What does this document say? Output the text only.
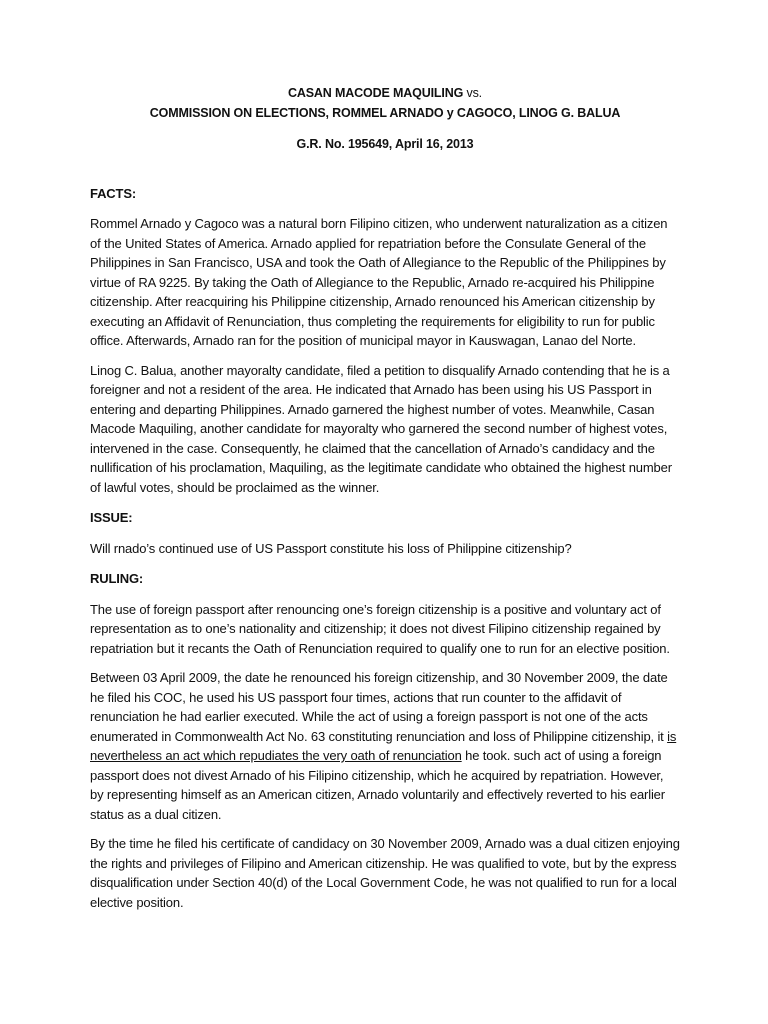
CASAN MACODE MAQUILING vs.

COMMISSION ON ELECTIONS, ROMMEL ARNADO y CAGOCO, LINOG G. BALUA

G.R. No. 195649, April 16, 2013

FACTS:

Rommel Arnado y Cagoco was a natural born Filipino citizen, who underwent naturalization as a citizen of the United States of America. Arnado applied for repatriation before the Consulate General of the Philippines in San Francisco, USA and took the Oath of Allegiance to the Republic of the Philippines by virtue of RA 9225. By taking the Oath of Allegiance to the Republic, Arnado re-acquired his Philippine citizenship. After reacquiring his Philippine citizenship, Arnado renounced his American citizenship by executing an Affidavit of Renunciation, thus completing the requirements for eligibility to run for public office. Afterwards, Arnado ran for the position of municipal mayor in Kauswagan, Lanao del Norte.

Linog C. Balua, another mayoralty candidate, filed a petition to disqualify Arnado contending that he is a foreigner and not a resident of the area. He indicated that Arnado has been using his US Passport in entering and departing Philippines. Arnado garnered the highest number of votes. Meanwhile, Casan Macode Maquiling, another candidate for mayoralty who garnered the second number of highest votes, intervened in the case. Consequently, he claimed that the cancellation of Arnado’s candidacy and the nullification of his proclamation, Maquiling, as the legitimate candidate who obtained the highest number of lawful votes, should be proclaimed as the winner.

ISSUE:

Will rnado’s continued use of US Passport constitute his loss of Philippine citizenship?

RULING:

The use of foreign passport after renouncing one’s foreign citizenship is a positive and voluntary act of representation as to one’s nationality and citizenship; it does not divest Filipino citizenship regained by repatriation but it recants the Oath of Renunciation required to qualify one to run for an elective position.

Between 03 April 2009, the date he renounced his foreign citizenship, and 30 November 2009, the date he filed his COC, he used his US passport four times, actions that run counter to the affidavit of renunciation he had earlier executed. While the act of using a foreign passport is not one of the acts enumerated in Commonwealth Act No. 63 constituting renunciation and loss of Philippine citizenship, it is nevertheless an act which repudiates the very oath of renunciation he took. such act of using a foreign passport does not divest Arnado of his Filipino citizenship, which he acquired by repatriation. However, by representing himself as an American citizen, Arnado voluntarily and effectively reverted to his earlier status as a dual citizen.

By the time he filed his certificate of candidacy on 30 November 2009, Arnado was a dual citizen enjoying the rights and privileges of Filipino and American citizenship. He was qualified to vote, but by the express disqualification under Section 40(d) of the Local Government Code, he was not qualified to run for a local elective position.
